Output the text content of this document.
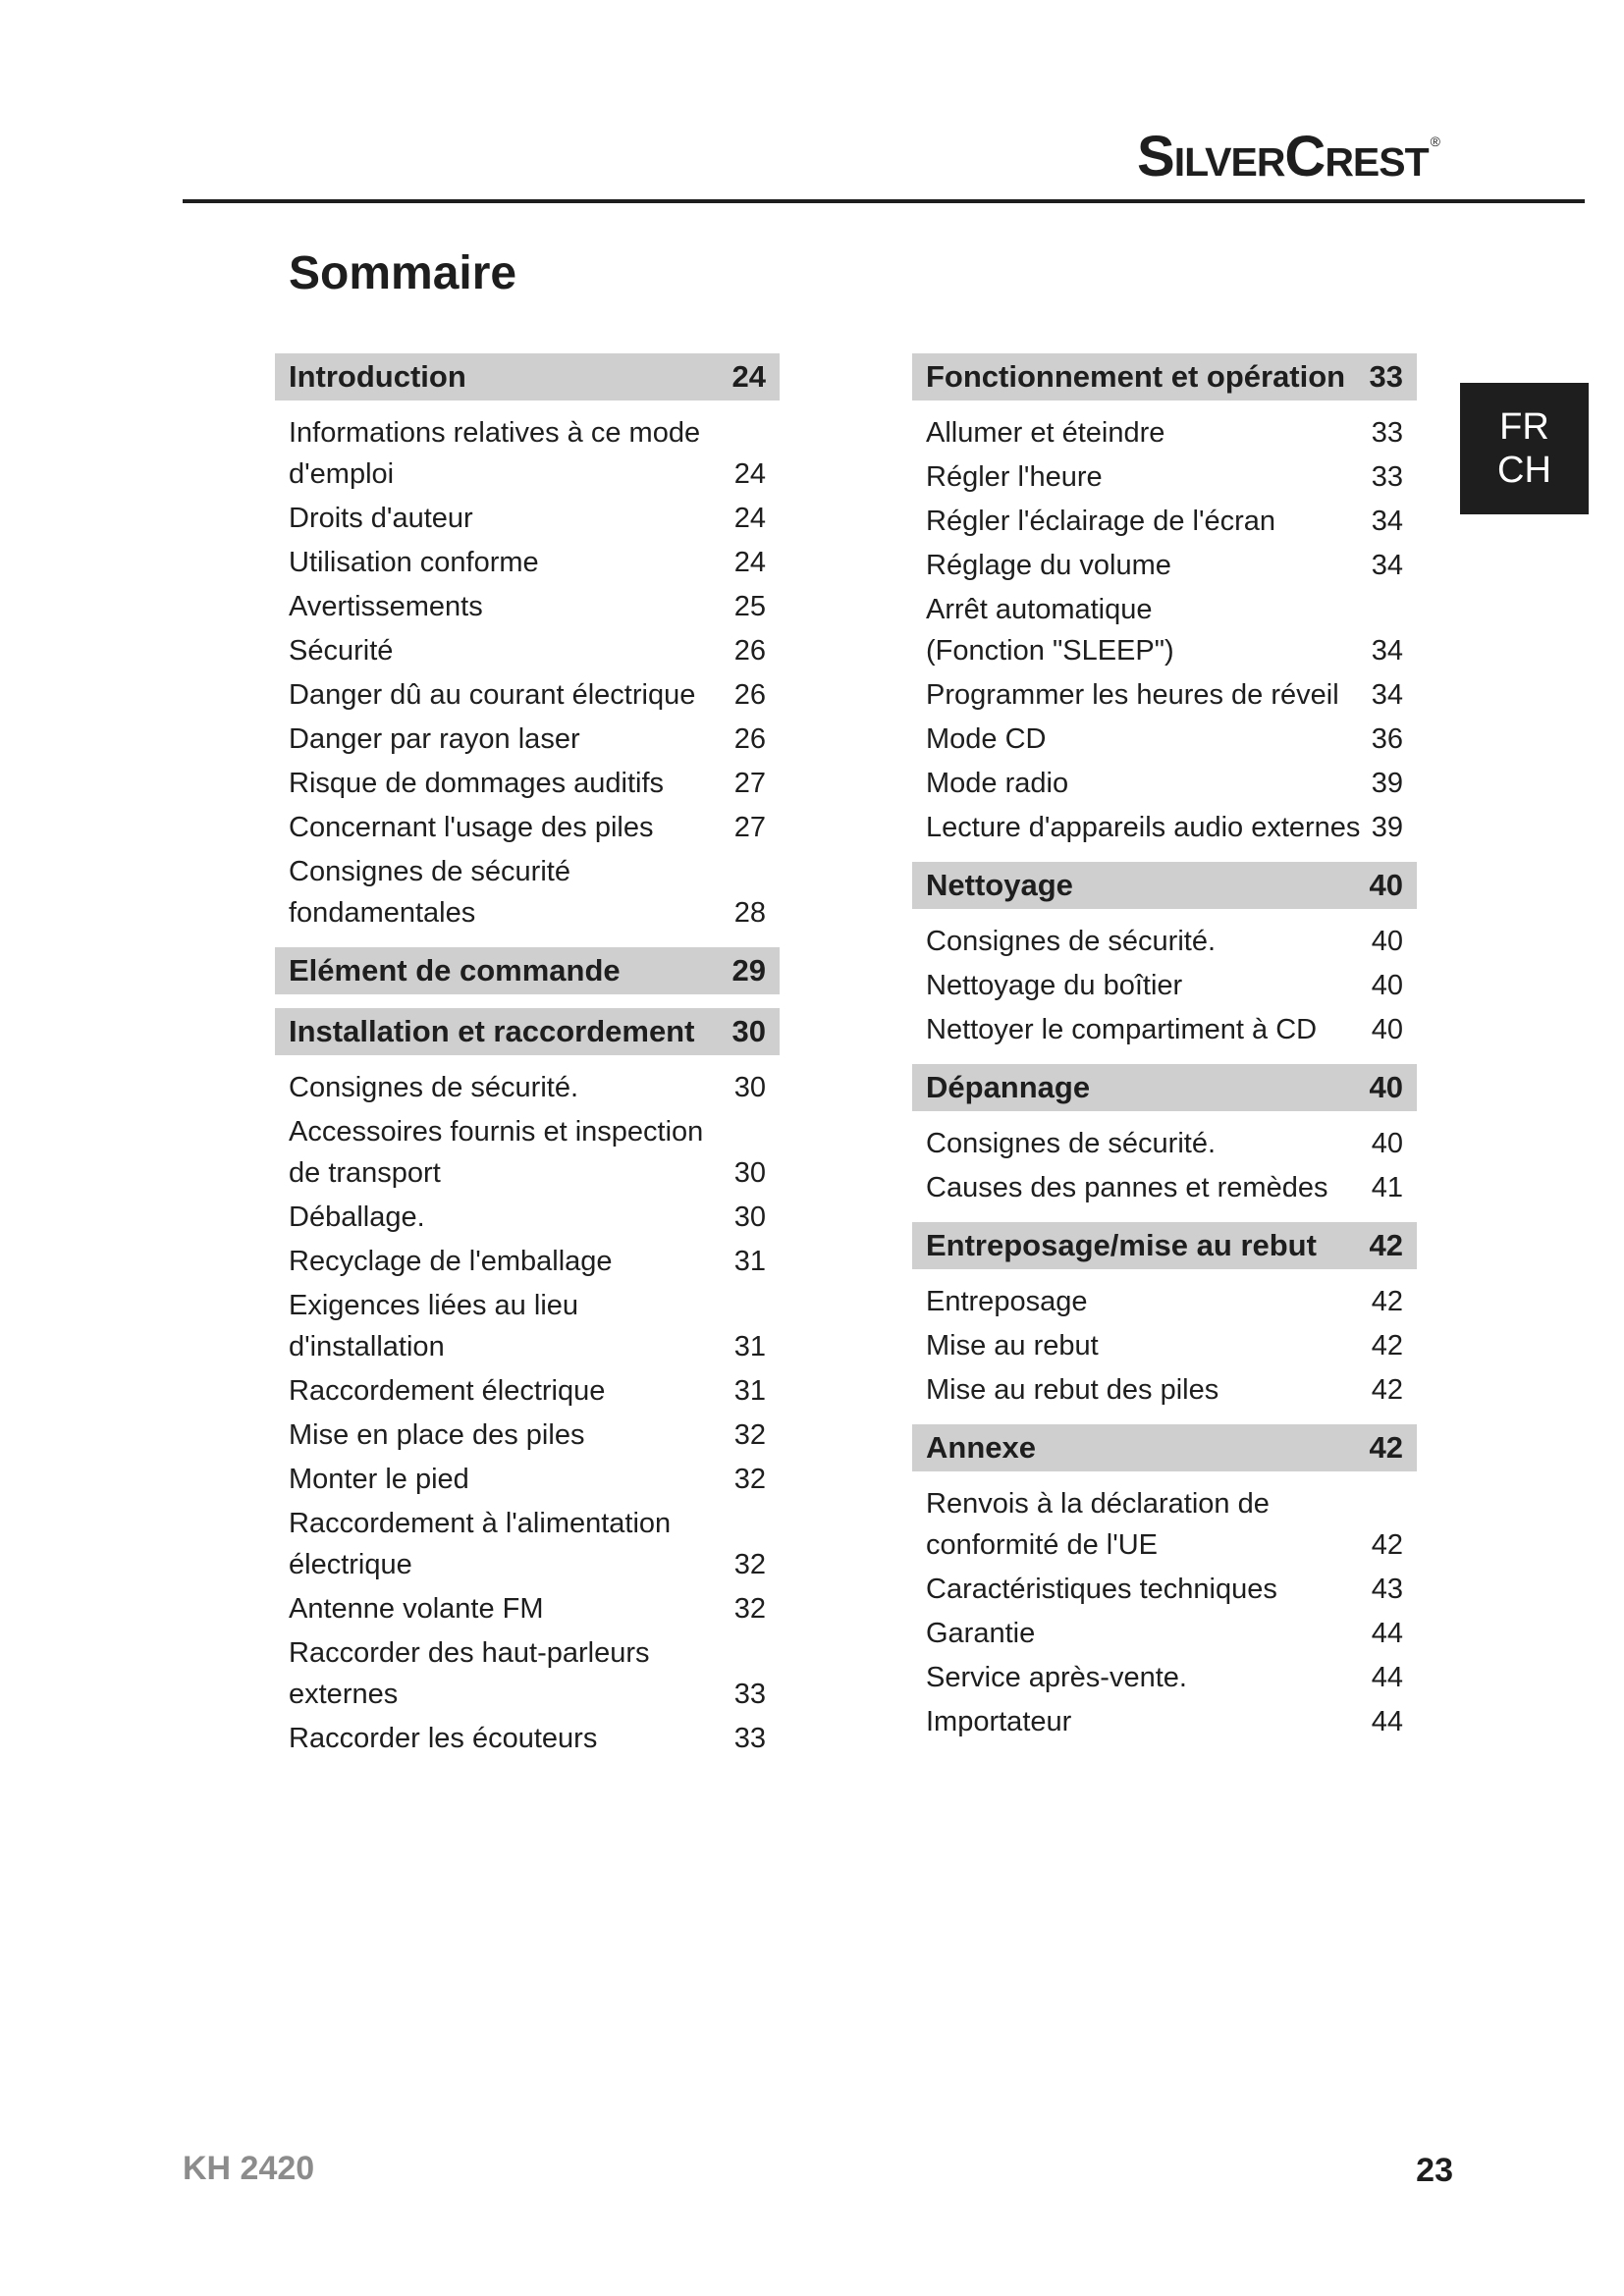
SilverCrest ®
Sommaire
FR
CH
Introduction	24
Informations relatives à ce mode
d'emploi	24
Droits d'auteur	24
Utilisation conforme	24
Avertissements	25
Sécurité	26
Danger dû au courant électrique	26
Danger par rayon laser	26
Risque de dommages auditifs	27
Concernant l'usage des piles	27
Consignes de sécurité
fondamentales	28
Elément de commande	29
Installation et raccordement 30
Consignes de sécurité.	30
Accessoires fournis et inspection
de transport	30
Déballage.	30
Recyclage de l'emballage	31
Exigences liées au lieu
d'installation	31
Raccordement électrique	31
Mise en place des piles	32
Monter le pied	32
Raccordement à l'alimentation
électrique	32
Antenne volante FM	32
Raccorder des haut-parleurs
externes	33
Raccorder les écouteurs	33
Fonctionnement et opération 33
Allumer et éteindre	33
Régler l'heure	33
Régler l'éclairage de l'écran	34
Réglage du volume	34
Arrêt automatique
(Fonction "SLEEP")	34
Programmer les heures de réveil	34
Mode CD	36
Mode radio	39
Lecture d'appareils audio externes 39
Nettoyage	40
Consignes de sécurité.	40
Nettoyage du boîtier	40
Nettoyer le compartiment à CD	40
Dépannage	40
Consignes de sécurité.	40
Causes des pannes et remèdes	41
Entreposage/mise au rebut 42
Entreposage	42
Mise au rebut	42
Mise au rebut des piles	42
Annexe	42
Renvois à la déclaration de
conformité de l'UE	42
Caractéristiques techniques	43
Garantie	44
Service après-vente.	44
Importateur	44
KH 2420	23
